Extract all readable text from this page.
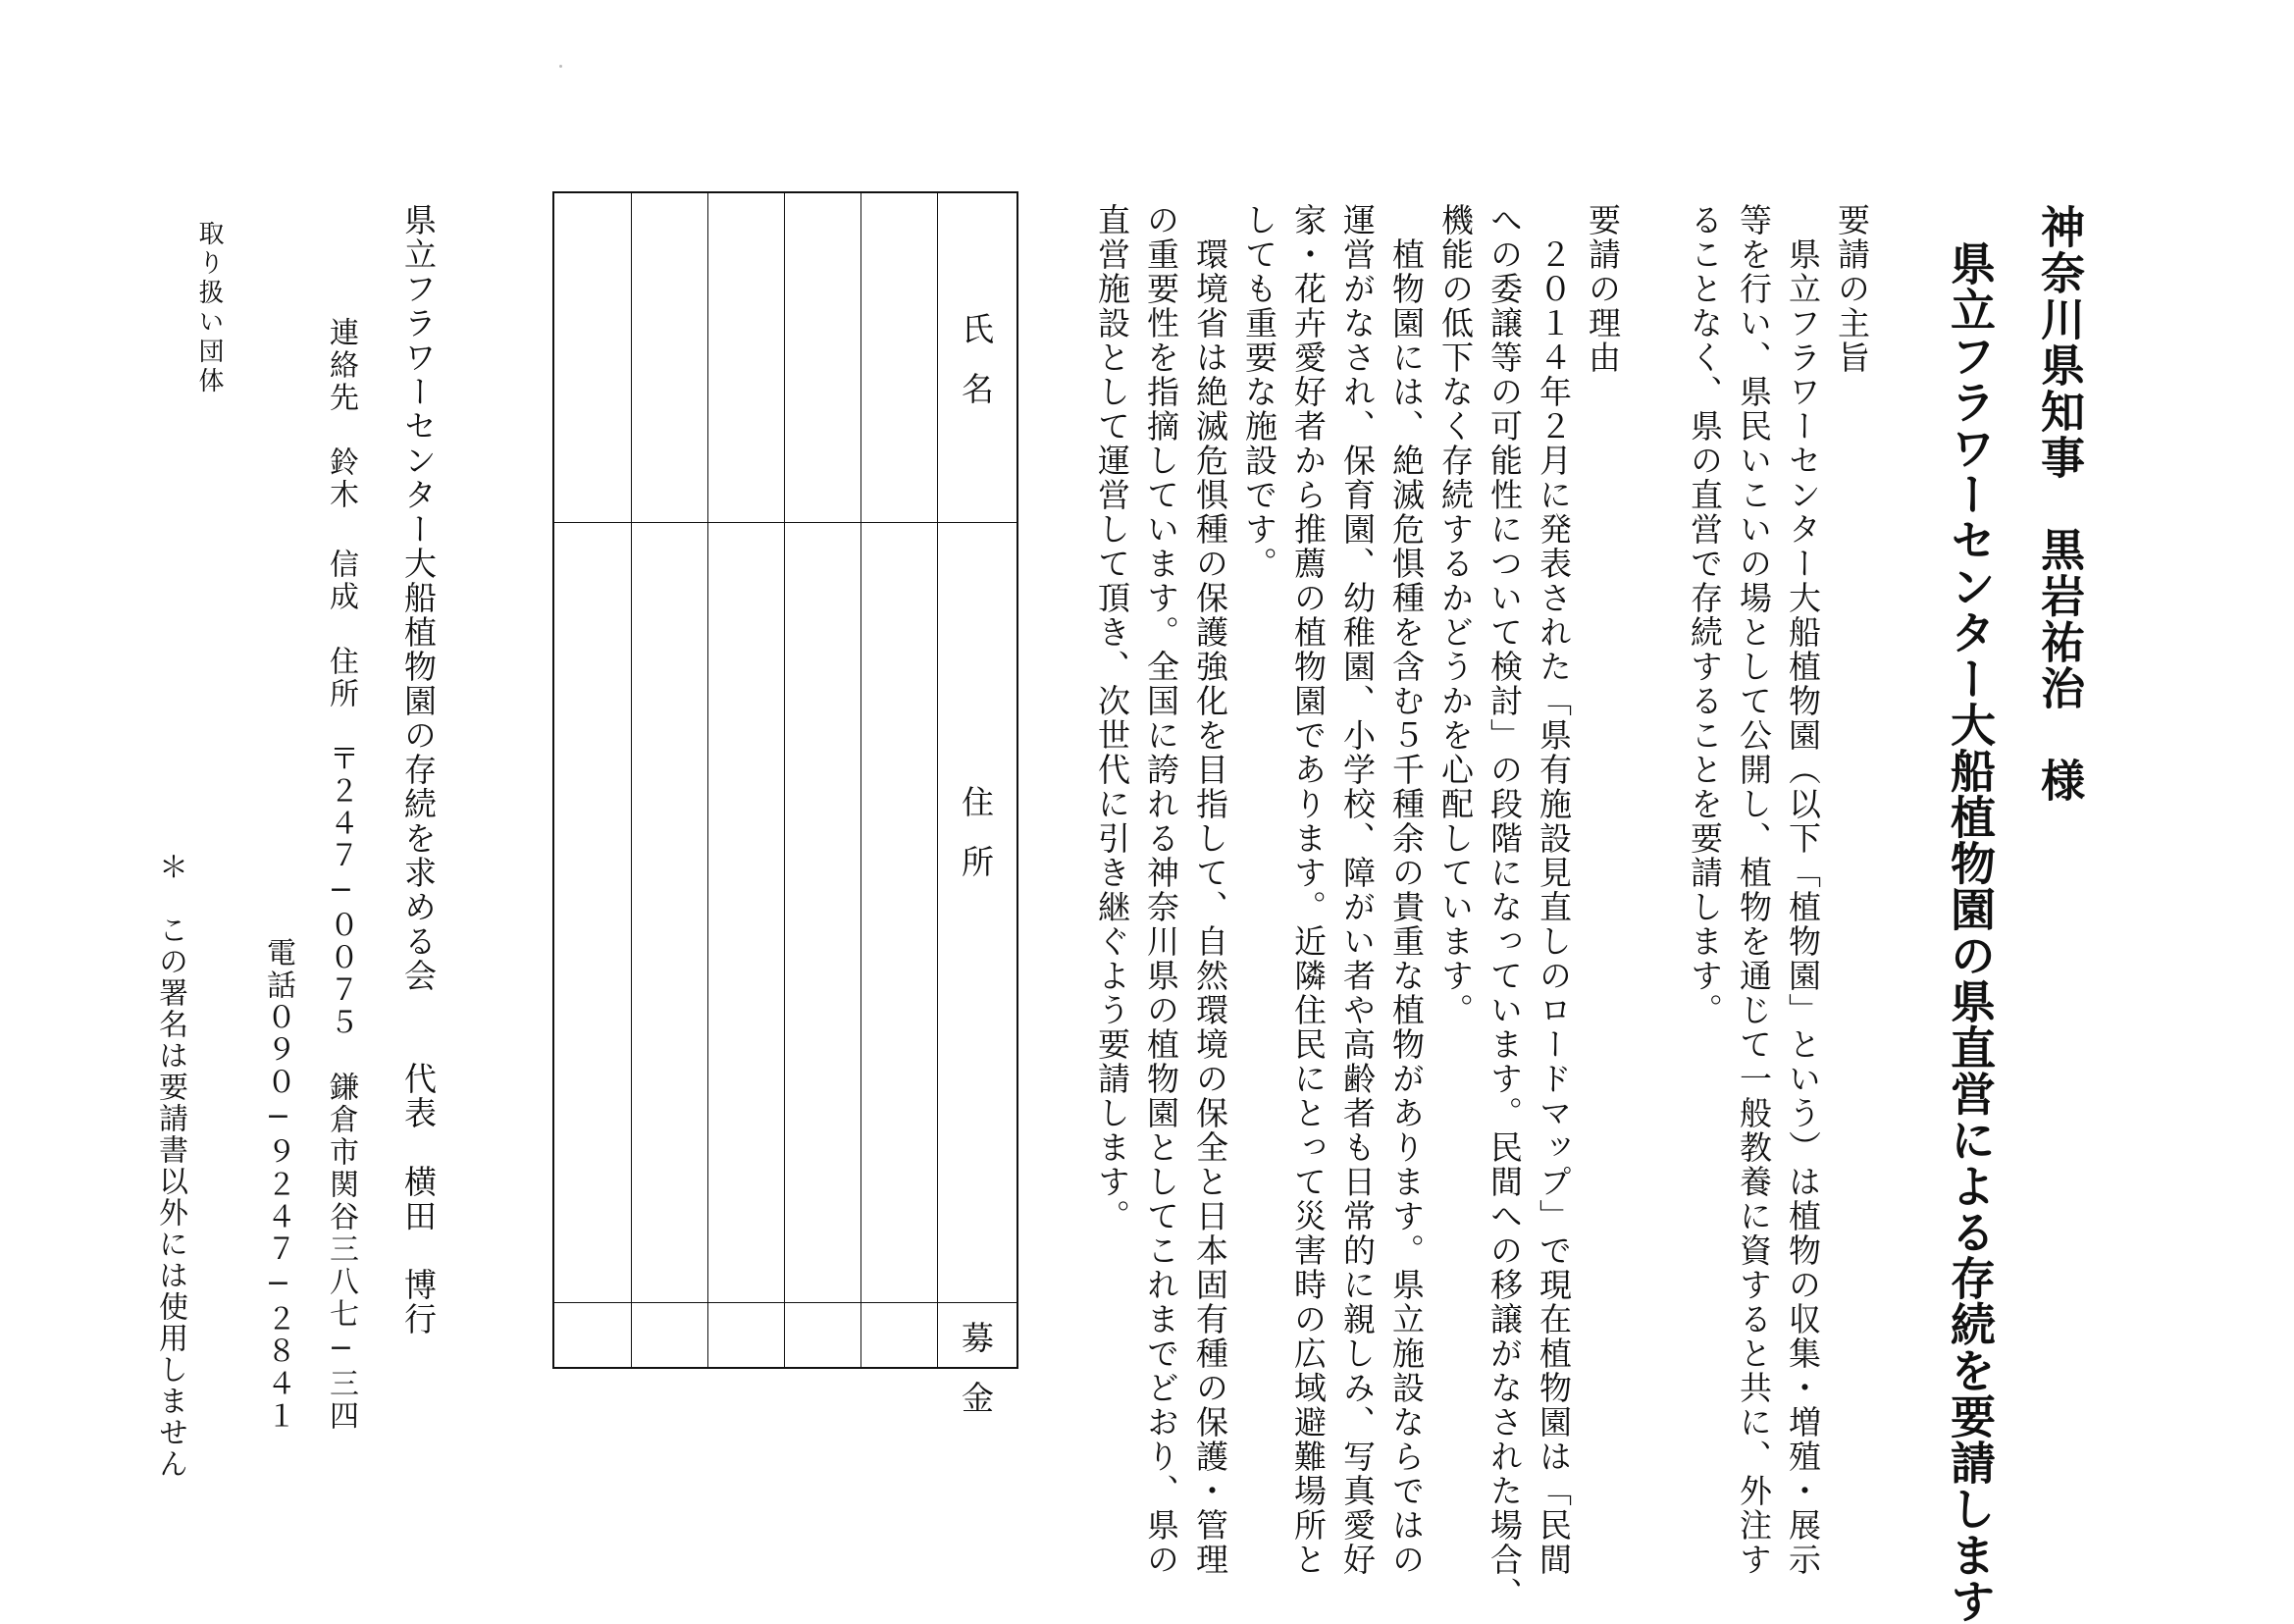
神奈川県知事　黒岩祐治　様
県立フラワーセンター大船植物園の県直営による存続を要請します
要請の主旨
　県立フラワーセンター大船植物園（以下「植物園」という）は植物の収集・増殖・展示
等を行い、県民いこいの場として公開し、植物を通じて一般教養に資すると共に、外注す
ることなく、県の直営で存続することを要請します。
要請の理由
　２０１４年２月に発表された「県有施設見直しのロードマップ」で現在植物園は「民間
への委譲等の可能性について検討」の段階になっています。民間への移譲がなされた場合、
機能の低下なく存続するかどうかを心配しています。
　植物園には、絶滅危惧種を含む５千種余の貴重な植物があります。県立施設ならではの
運営がなされ、保育園、幼稚園、小学校、障がい者や高齢者も日常的に親しみ、写真愛好
家・花卉愛好者から推薦の植物園であります。近隣住民にとって災害時の広域避難場所と
しても重要な施設です。
　環境省は絶滅危惧種の保護強化を目指して、自然環境の保全と日本固有種の保護・管理
の重要性を指摘しています。全国に誇れる神奈川県の植物園としてこれまでどおり、県の
直営施設として運営して頂き、次世代に引き継ぐよう要請します。
氏名
住所
募金
県立フラワーセンター大船植物園の存続を求める会　　代表　横田　博行
　連絡先　鈴木 信成　住所　〒２４７−００７５　鎌倉市関谷三八七−三四
電話０９０−９２４７−２８４１
取り扱い団体
＊　この署名は要請書以外には使用しません
